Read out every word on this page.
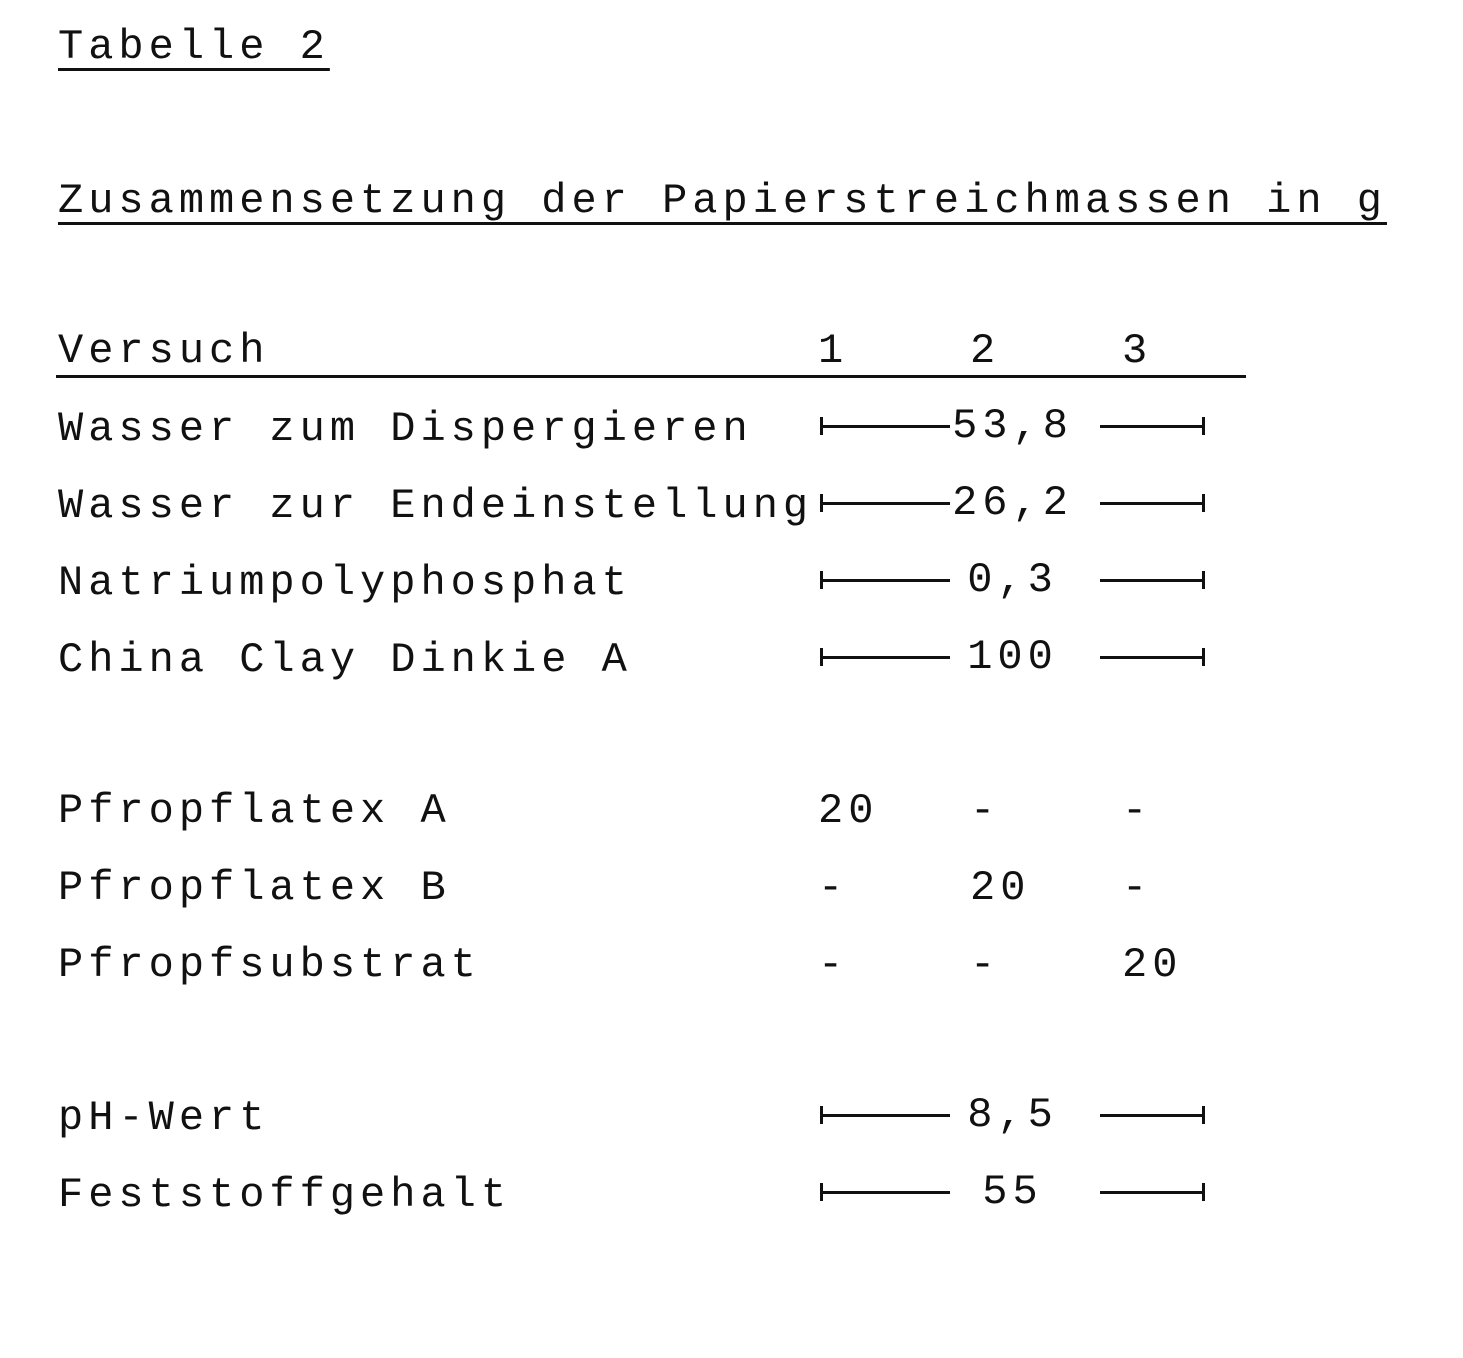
Tabelle 2
Zusammensetzung der Papierstreichmassen in g
Versuch	1	2	3
Wasser zum Dispergieren	53,8
Wasser zur Endeinstellung	26,2
Natriumpolyphosphat	0,3
China Clay Dinkie A	100
pH-Wert	8,5
Feststoffgehalt	55
Pfropflatex A	20 -	-
Pfropflatex B	-	20 -
Pfropfsubstrat	-	-	20
